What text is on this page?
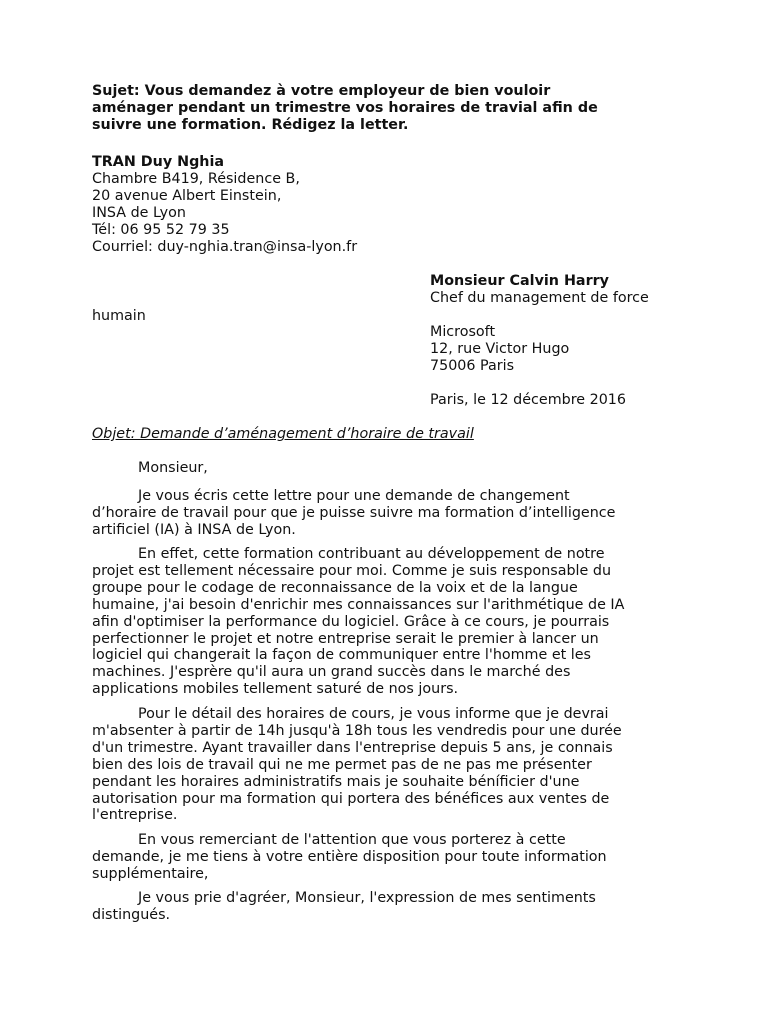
Sujet: Vous demandez à votre employeur de bien vouloir
aménager pendant un trimestre vos horaires de travial afin de
suivre une formation. Rédigez la letter.
TRAN Duy Nghia
Chambre B419, Résidence B,
20 avenue Albert Einstein,
INSA de Lyon
Tél: 06 95 52 79 35
Courriel: duy-nghia.tran@insa-lyon.fr
Monsieur Calvin Harry
Chef du management de force
humain
Microsoft
12, rue Victor Hugo
75006 Paris
Paris, le 12 décembre 2016
Objet: Demande d’aménagement d’horaire de travail
Monsieur,
Je vous écris cette lettre pour une demande de changement
d’horaire de travail pour que je puisse suivre ma formation d’intelligence
artificiel (IA) à INSA de Lyon.
En effet, cette formation contribuant au développement de notre
projet est tellement nécessaire pour moi. Comme je suis responsable du
groupe pour le codage de reconnaissance de la voix et de la langue
humaine, j'ai besoin d'enrichir mes connaissances sur l'arithmétique de IA
afin d'optimiser la performance du logiciel. Grâce à ce cours, je pourrais
perfectionner le projet et notre entreprise serait le premier à lancer un
logiciel qui changerait la façon de communiquer entre l'homme et les
machines. J'esprère qu'il aura un grand succès dans le marché des
applications mobiles tellement saturé de nos jours.
Pour le détail des horaires de cours, je vous informe que je devrai
m'absenter à partir de 14h jusqu'à 18h tous les vendredis pour une durée
d'un trimestre. Ayant travailler dans l'entreprise depuis 5 ans, je connais
bien des lois de travail qui ne me permet pas de ne pas me présenter
pendant les horaires administratifs mais je souhaite béníficier d'une
autorisation pour ma formation qui portera des bénéfices aux ventes de
l'entreprise.
En vous remerciant de l'attention que vous porterez à cette
demande, je me tiens à votre entière disposition pour toute information
supplémentaire,
Je vous prie d'agréer, Monsieur, l'expression de mes sentiments
distingués.
